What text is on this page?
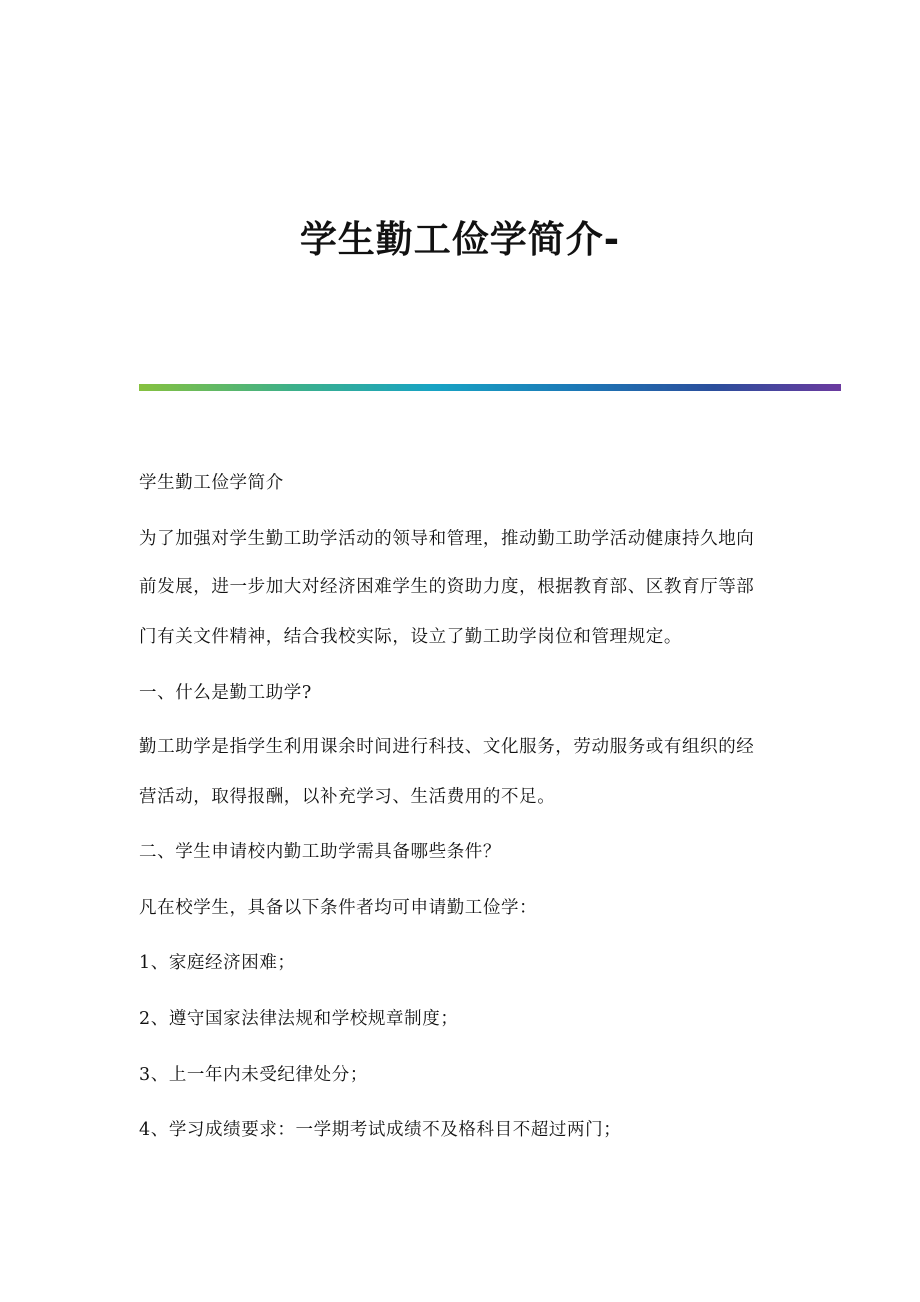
学生勤工俭学简介-

学生勤工俭学简介

为了加强对学生勤工助学活动的领导和管理，推动勤工助学活动健康持久地向

前发展，进一步加大对经济困难学生的资助力度，根据教育部、区教育厅等部

门有关文件精神，结合我校实际，设立了勤工助学岗位和管理规定。

一、什么是勤工助学?

勤工助学是指学生利用课余时间进行科技、文化服务，劳动服务或有组织的经

营活动，取得报酬，以补充学习、生活费用的不足。

二、学生申请校内勤工助学需具备哪些条件？

凡在校学生，具备以下条件者均可申请勤工俭学：

1、家庭经济困难；

2、遵守国家法律法规和学校规章制度；

3、上一年内未受纪律处分；

4、学习成绩要求：一学期考试成绩不及格科目不超过两门；
